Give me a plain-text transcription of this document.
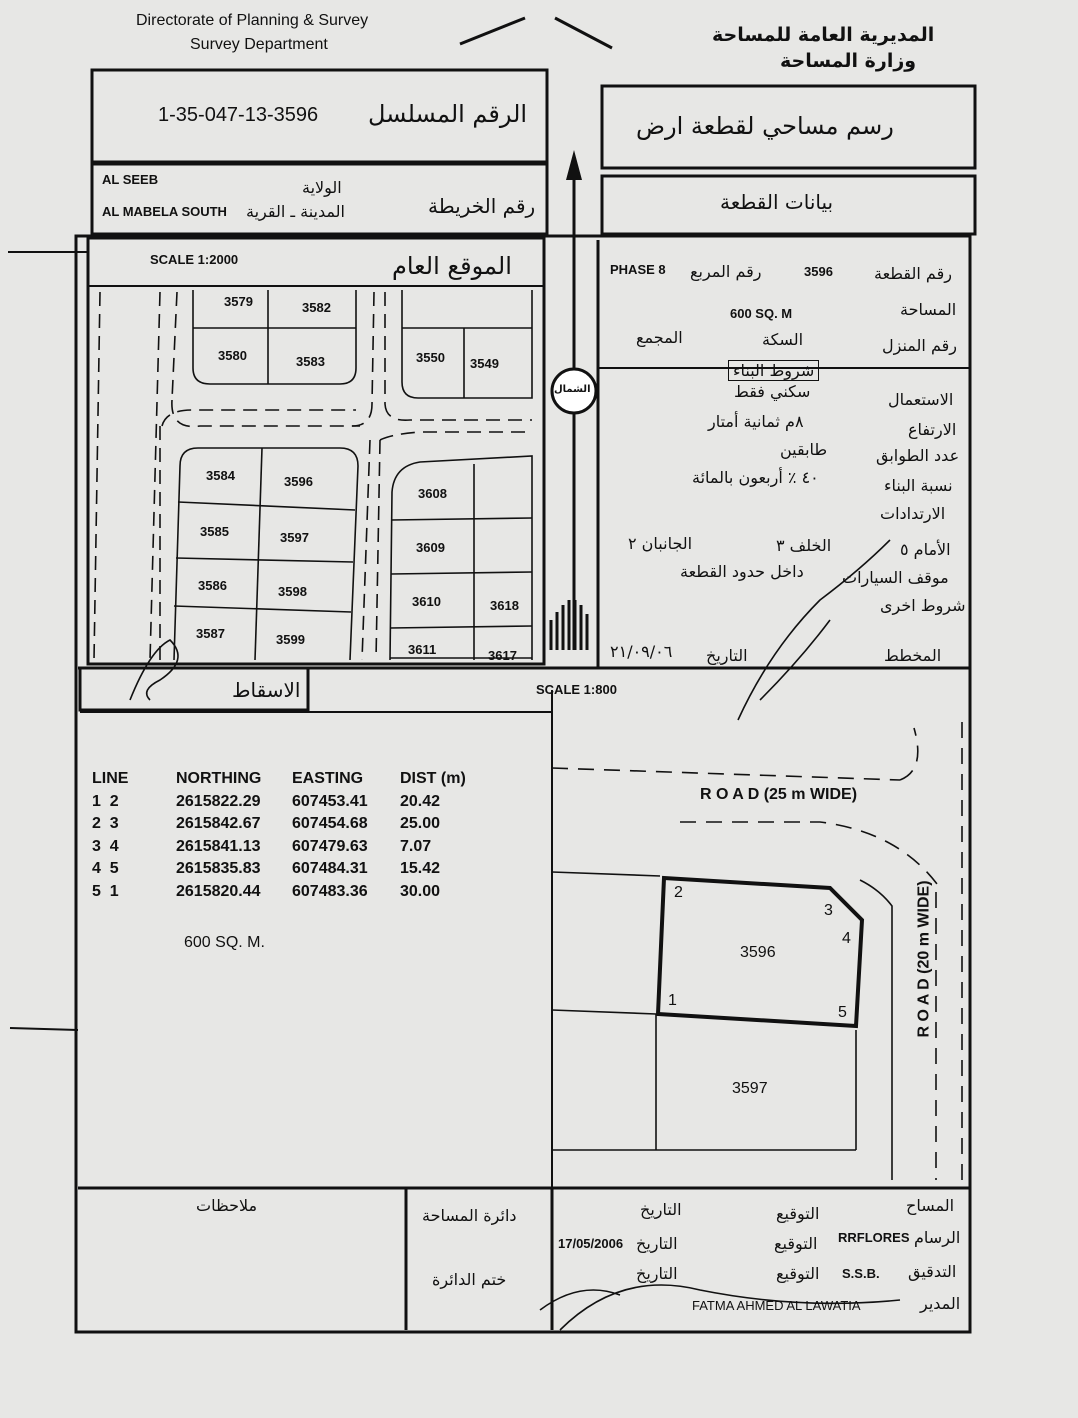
Directorate of Planning & Survey
Survey Department	المديرية العامة للمساحة
وزارة المساحة
1-35-047-13-3596 الرقم المسلسل	رسم مساحي لقطعة ارض
AL SEEB	الولاية
AL MABELA SOUTH المدينة ـ القرية	رقم الخريطة	بيانات القطعة
SCALE 1:2000	الموقع العام
3579	3582
3580	3583	3550 3549
3584	3596
3585	3597
3586	3598
3587	3599
3608
3609
3610	3618
3611	3617
الشمال
PHASE 8 رقم المربع	3596	رقم القطعة
600 SQ. M	المساحة
المجمع	السكة	رقم المنزل
شروط البناء
سكني فقط	الاستعمال
٨م ثمانية أمتار	الارتفاع
طابقين	عدد الطوابق
٤٠ ٪ أربعون بالمائة	نسبة البناء
الارتدادات
الجانبان ٢	الخلف ٣	الأمام ٥
داخل حدود القطعة موقف السيارات
شروط اخرى
٢١/٠٩/٠٦ التاريخ	المخطط
الاسقاط	SCALE 1:800
LINE	NORTHING	EASTING	DIST (m)
1  2	2615822.29	607453.41	20.42
2  3	2615842.67	607454.68	25.00
3  4	2615841.13	607479.63	7.07
4  5	2615835.83	607484.31	15.42
5  1	2615820.44	607483.36	30.00
600 SQ. M.
R O A D (25 m WIDE)
R O A D (20 m WIDE)
3596
3597
1
2
3
4
5
ملاحظات
دائرة المساحة
ختم الدائرة
التاريخ	التوقيع	المساح
17/05/2006 التاريخ	التوقيع RRFLORES الرسام
التاريخ	التوقيع S.S.B. التدقيق
FATMA AHMED AL LAWATIA	المدير
